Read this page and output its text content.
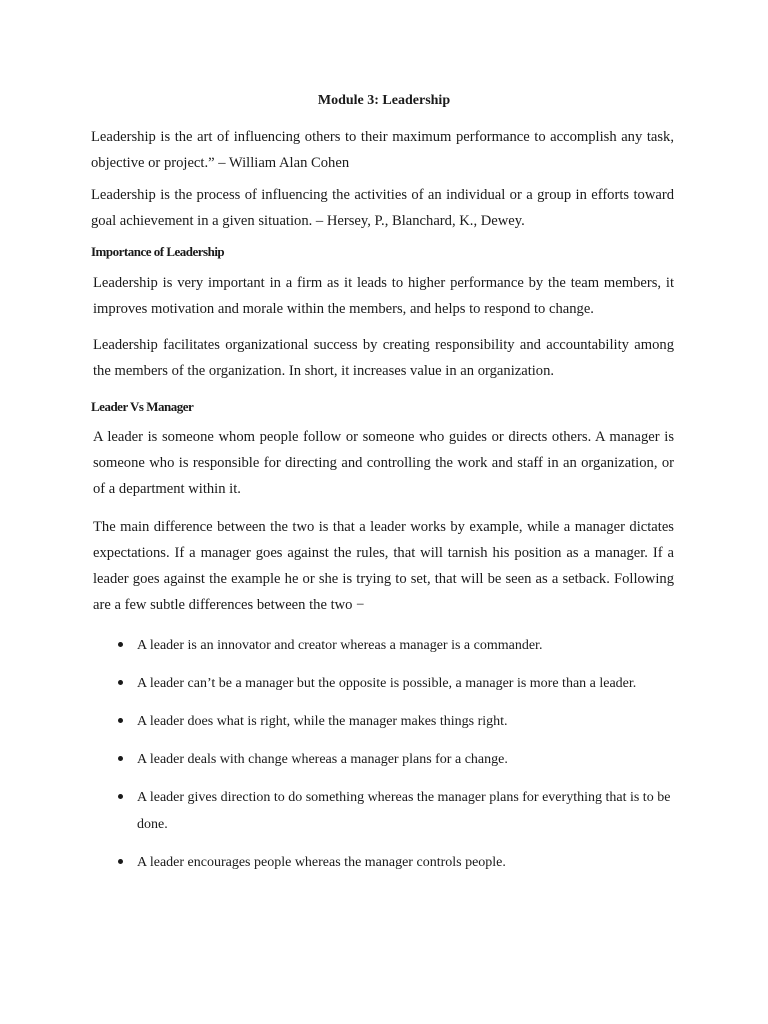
Module 3: Leadership

Leadership is the art of influencing others to their maximum performance to accomplish any task, objective or project.” – William Alan Cohen

Leadership is the process of influencing the activities of an individual or a group in efforts toward goal achievement in a given situation. – Hersey, P., Blanchard, K., Dewey.

Importance of Leadership

Leadership is very important in a firm as it leads to higher performance by the team members, it improves motivation and morale within the members, and helps to respond to change.

Leadership facilitates organizational success by creating responsibility and accountability among the members of the organization. In short, it increases value in an organization.

Leader Vs Manager

A leader is someone whom people follow or someone who guides or directs others. A manager is someone who is responsible for directing and controlling the work and staff in an organization, or of a department within it.

The main difference between the two is that a leader works by example, while a manager dictates expectations. If a manager goes against the rules, that will tarnish his position as a manager. If a leader goes against the example he or she is trying to set, that will be seen as a setback. Following are a few subtle differences between the two −

A leader is an innovator and creator whereas a manager is a commander.
A leader can’t be a manager but the opposite is possible, a manager is more than a leader.
A leader does what is right, while the manager makes things right.
A leader deals with change whereas a manager plans for a change.
A leader gives direction to do something whereas the manager plans for everything that is to be done.
A leader encourages people whereas the manager controls people.
